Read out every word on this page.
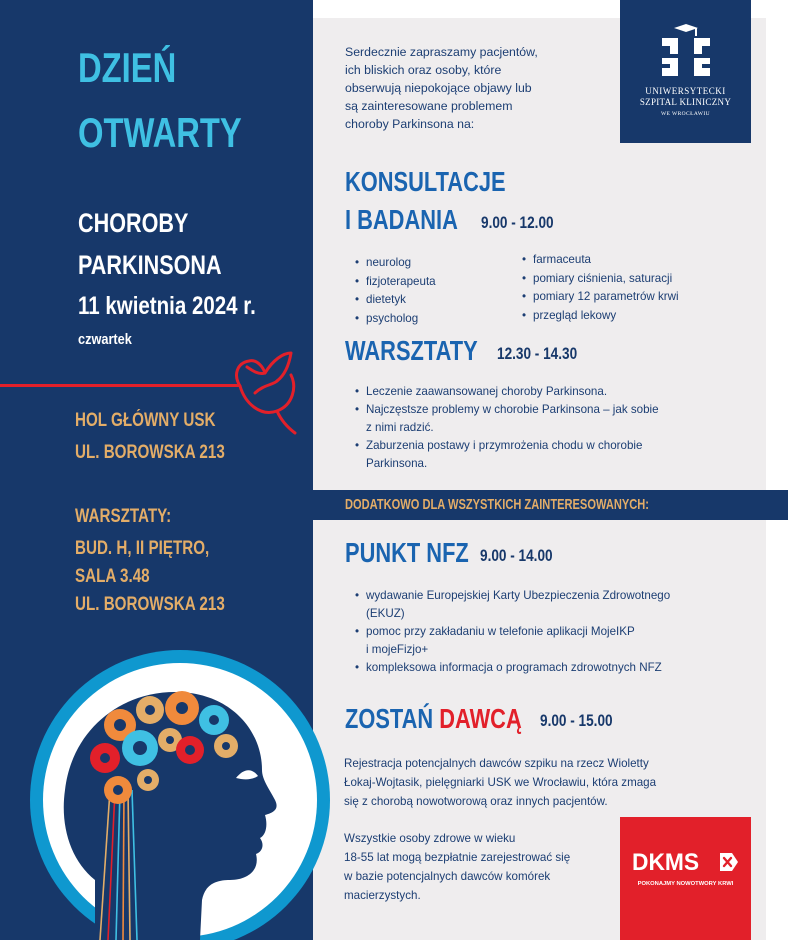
DZIEŃ
OTWARTY
CHOROBY
PARKINSONA
11 kwietnia 2024 r.
czwartek
HOL GŁÓWNY USK
UL. BOROWSKA 213
WARSZTATY:
BUD. H, II PIĘTRO,
SALA 3.48
UL. BOROWSKA 213
Serdecznie zapraszamy pacjentów,
ich bliskich oraz osoby, które
obserwują niepokojące objawy lub
są zainteresowane problemem
choroby Parkinsona na:
UNIWERSYTECKI
SZPITAL KLINICZNY
WE WROCŁAWIU
KONSULTACJE
I BADANIA 9.00 - 12.00
• neurolog
• fizjoterapeuta
• dietetyk
• psycholog
• farmaceuta
• pomiary ciśnienia, saturacji
• pomiary 12 parametrów krwi
• przegląd lekowy
WARSZTATY 12.30 - 14.30
• Leczenie zaawansowanej choroby Parkinsona.
• Najczęstsze problemy w chorobie Parkinsona – jak sobie
z nimi radzić.
• Zaburzenia postawy i przymrożenia chodu w chorobie
Parkinsona.
DODATKOWO DLA WSZYSTKICH ZAINTERESOWANYCH:
PUNKT NFZ 9.00 - 14.00
• wydawanie Europejskiej Karty Ubezpieczenia Zdrowotnego
(EKUZ)
• pomoc przy zakładaniu w telefonie aplikacji MojeIKP
i mojeFizjo+
• kompleksowa informacja o programach zdrowotnych NFZ
ZOSTAŃ DAWCĄ 9.00 - 15.00
Rejestracja potencjalnych dawców szpiku na rzecz Wioletty
Łokaj-Wojtasik, pielęgniarki USK we Wrocławiu, która zmaga
się z chorobą nowotworową oraz innych pacjentów.
Wszystkie osoby zdrowe w wieku
18-55 lat mogą bezpłatnie zarejestrować się
w bazie potencjalnych dawców komórek
macierzystych.
DKMS
POKONAJMY NOWOTWORY KRWI
